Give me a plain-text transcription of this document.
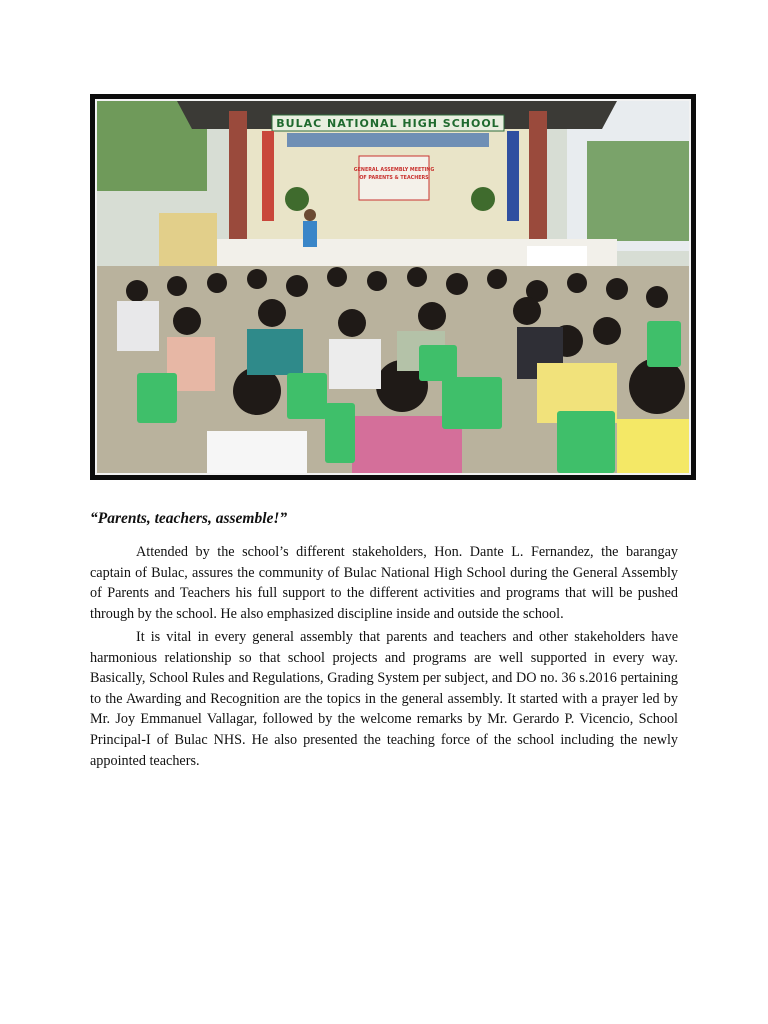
BULAC NATIONAL HIGH SCHOOL
GENERAL ASSEMBLY MEETING
OF PARENTS & TEACHERS
“Parents, teachers, assemble!”

Attended by the school’s different stakeholders, Hon. Dante L. Fernandez, the barangay captain of Bulac, assures the community of Bulac National High School during the General Assembly of Parents and Teachers his full support to the different activities and programs that will be pushed through by the school. He also emphasized discipline inside and outside the school.

It is vital in every general assembly that parents and teachers and other stakeholders have harmonious relationship so that school projects and programs are well supported in every way. Basically, School Rules and Regulations, Grading System per subject, and DO no. 36 s.2016 pertaining to the Awarding and Recognition are the topics in the general assembly. It started with a prayer led by Mr. Joy Emmanuel Vallagar, followed by the welcome remarks by Mr. Gerardo P. Vicencio, School Principal-I of Bulac NHS. He also presented the teaching force of the school including the newly appointed teachers.
